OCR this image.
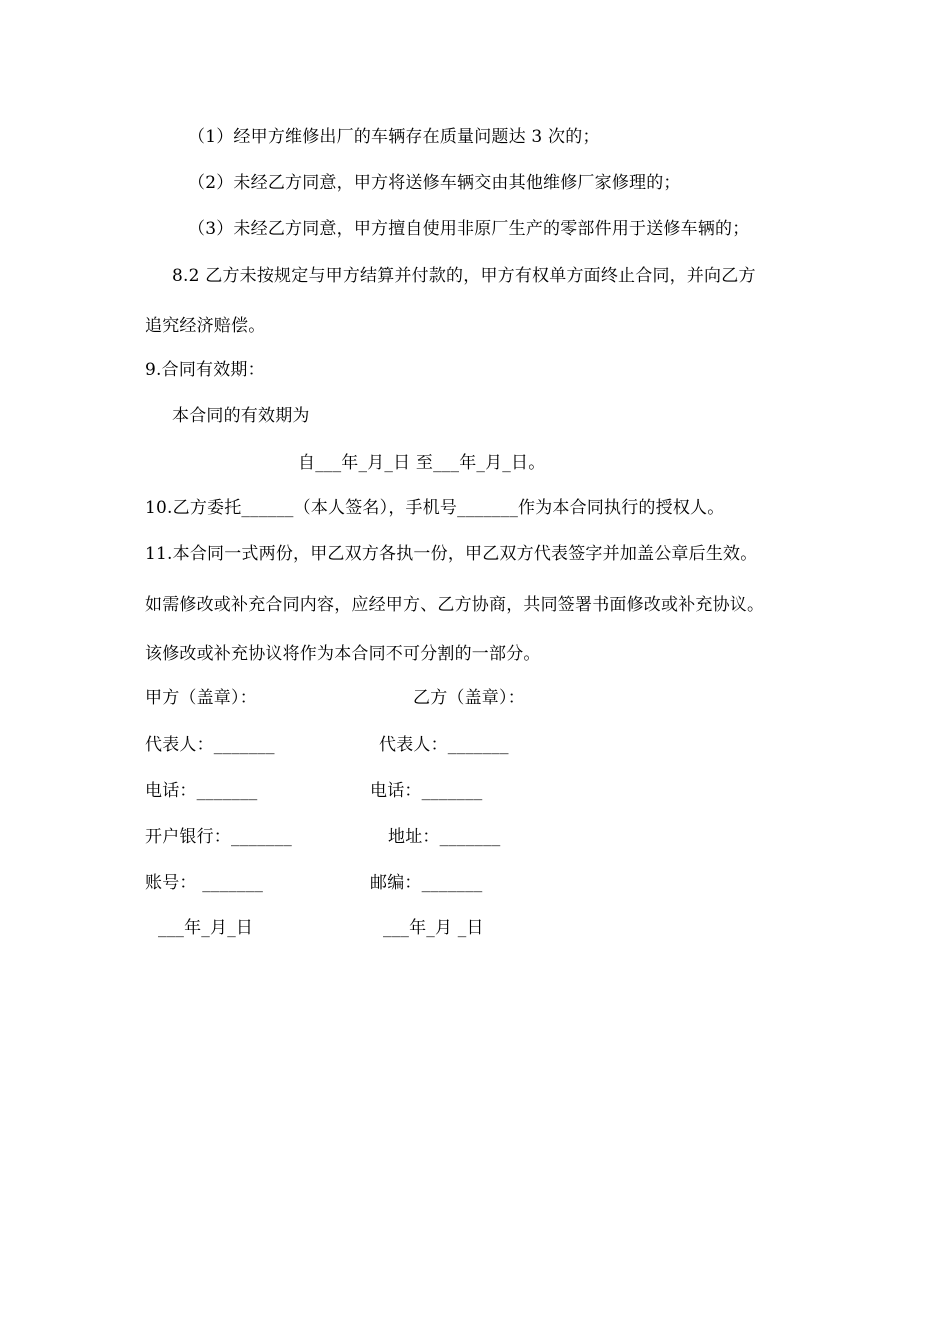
（1）经甲方维修出厂的车辆存在质量问题达 3 次的；
（2）未经乙方同意，甲方将送修车辆交由其他维修厂家修理的；
（3）未经乙方同意，甲方擅自使用非原厂生产的零部件用于送修车辆的；
8.2 乙方未按规定与甲方结算并付款的，甲方有权单方面终止合同，并向乙方
追究经济赔偿。
9.合同有效期：
本合同的有效期为
自___年_月_日 至___年_月_日。
10.乙方委托______（本人签名），手机号_______作为本合同执行的授权人。
11.本合同一式两份，甲乙双方各执一份，甲乙双方代表签字并加盖公章后生效。
如需修改或补充合同内容，应经甲方、乙方协商，共同签署书面修改或补充协议。
该修改或补充协议将作为本合同不可分割的一部分。
甲方（盖章）：	乙方（盖章）：
代表人：_______	代表人：_______
电话：_______	电话：_______
开户银行：_______	地址：_______
账号： _______	邮编：_______
___年_月_日	___年_月 _日
